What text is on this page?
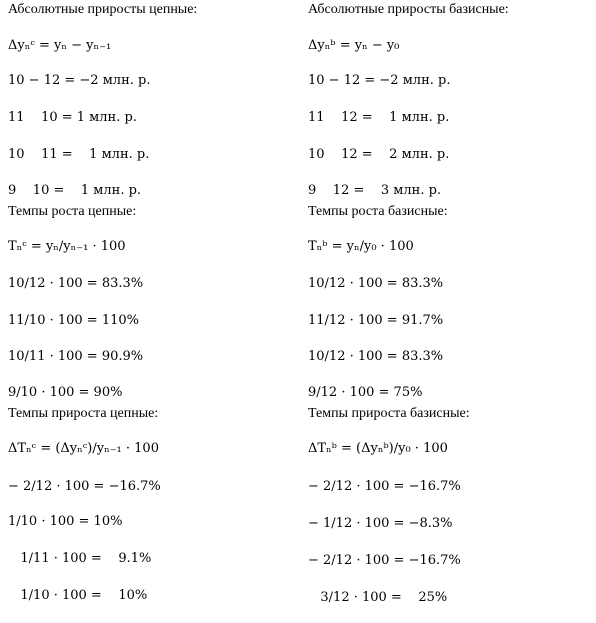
Абсолютные приросты цепные:
Δyₙᶜ = yₙ − yₙ₋₁
10 − 12 = −2 млн. р.
11    10 = 1 млн. р.
10    11 =    1 млн. р.
9    10 =    1 млн. р.
Темпы роста цепные:
Tₙᶜ = yₙ/yₙ₋₁ · 100
10/12 · 100 = 83.3%
11/10 · 100 = 110%
10/11 · 100 = 90.9%
9/10 · 100 = 90%
Темпы прироста цепные:
ΔTₙᶜ = (Δyₙᶜ)/yₙ₋₁ · 100
− 2/12 · 100 = −16.7%
1/10 · 100 = 10%
1/11 · 100 =    9.1%
1/10 · 100 =    10%
Абсолютные приросты базисные:
Δyₙᵇ = yₙ − y₀
10 − 12 = −2 млн. р.
11    12 =    1 млн. р.
10    12 =    2 млн. р.
9    12 =    3 млн. р.
Темпы роста базисные:
Tₙᵇ = yₙ/y₀ · 100
10/12 · 100 = 83.3%
11/12 · 100 = 91.7%
10/12 · 100 = 83.3%
9/12 · 100 = 75%
Темпы прироста базисные:
ΔTₙᵇ = (Δyₙᵇ)/y₀ · 100
− 2/12 · 100 = −16.7%
− 1/12 · 100 = −8.3%
− 2/12 · 100 = −16.7%
3/12 · 100 =    25%
